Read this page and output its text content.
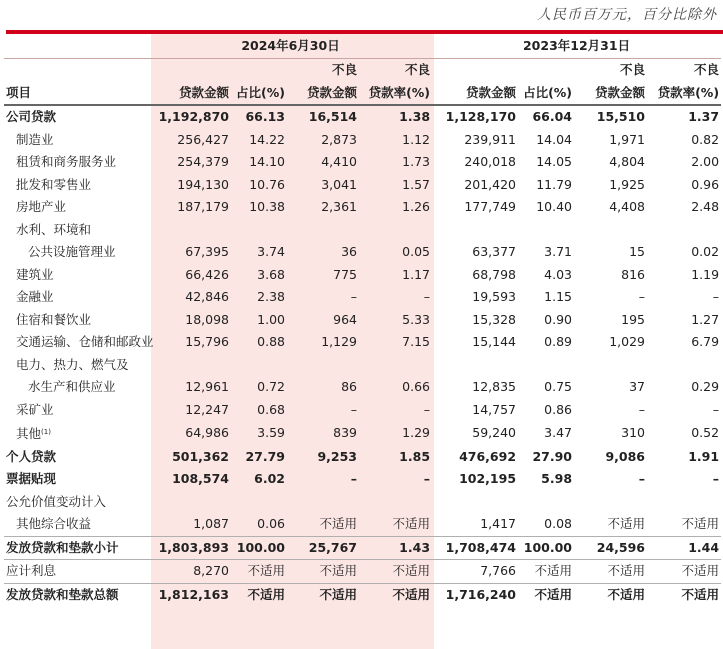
人民币百万元，百分比除外
	2024年6月30日				2023年12月31日			
			不良	不良			不良	不良
项目	贷款金额	占比(%)	贷款金额	贷款率(%)	贷款金额	占比(%)	贷款金额	贷款率(%)
公司贷款	1,192,870	66.13	16,514	1.38	1,128,170	66.04	15,510	1.37
制造业	256,427	14.22	2,873	1.12	239,911	14.04	1,971	0.82
租赁和商务服务业	254,379	14.10	4,410	1.73	240,018	14.05	4,804	2.00
批发和零售业	194,130	10.76	3,041	1.57	201,420	11.79	1,925	0.96
房地产业	187,179	10.38	2,361	1.26	177,749	10.40	4,408	2.48
水利、环境和								
公共设施管理业	67,395	3.74	36	0.05	63,377	3.71	15	0.02
建筑业	66,426	3.68	775	1.17	68,798	4.03	816	1.19
金融业	42,846	2.38	–	–	19,593	1.15	–	–
住宿和餐饮业	18,098	1.00	964	5.33	15,328	0.90	195	1.27
交通运输、仓储和邮政业	15,796	0.88	1,129	7.15	15,144	0.89	1,029	6.79
电力、热力、燃气及								
水生产和供应业	12,961	0.72	86	0.66	12,835	0.75	37	0.29
采矿业	12,247	0.68	–	–	14,757	0.86	–	–
其他$^{(1)}$	64,986	3.59	839	1.29	59,240	3.47	310	0.52
个人贷款	501,362	27.79	9,253	1.85	476,692	27.90	9,086	1.91
票据贴现	108,574	6.02	–	–	102,195	5.98	–	–
公允价值变动计入								
其他综合收益	1,087	0.06	不适用	不适用	1,417	0.08	不适用	不适用
发放贷款和垫款小计	1,803,893	100.00	25,767	1.43	1,708,474	100.00	24,596	1.44
应计利息	8,270	不适用	不适用	不适用	7,766	不适用	不适用	不适用
发放贷款和垫款总额	1,812,163	不适用	不适用	不适用	1,716,240	不适用	不适用	不适用
